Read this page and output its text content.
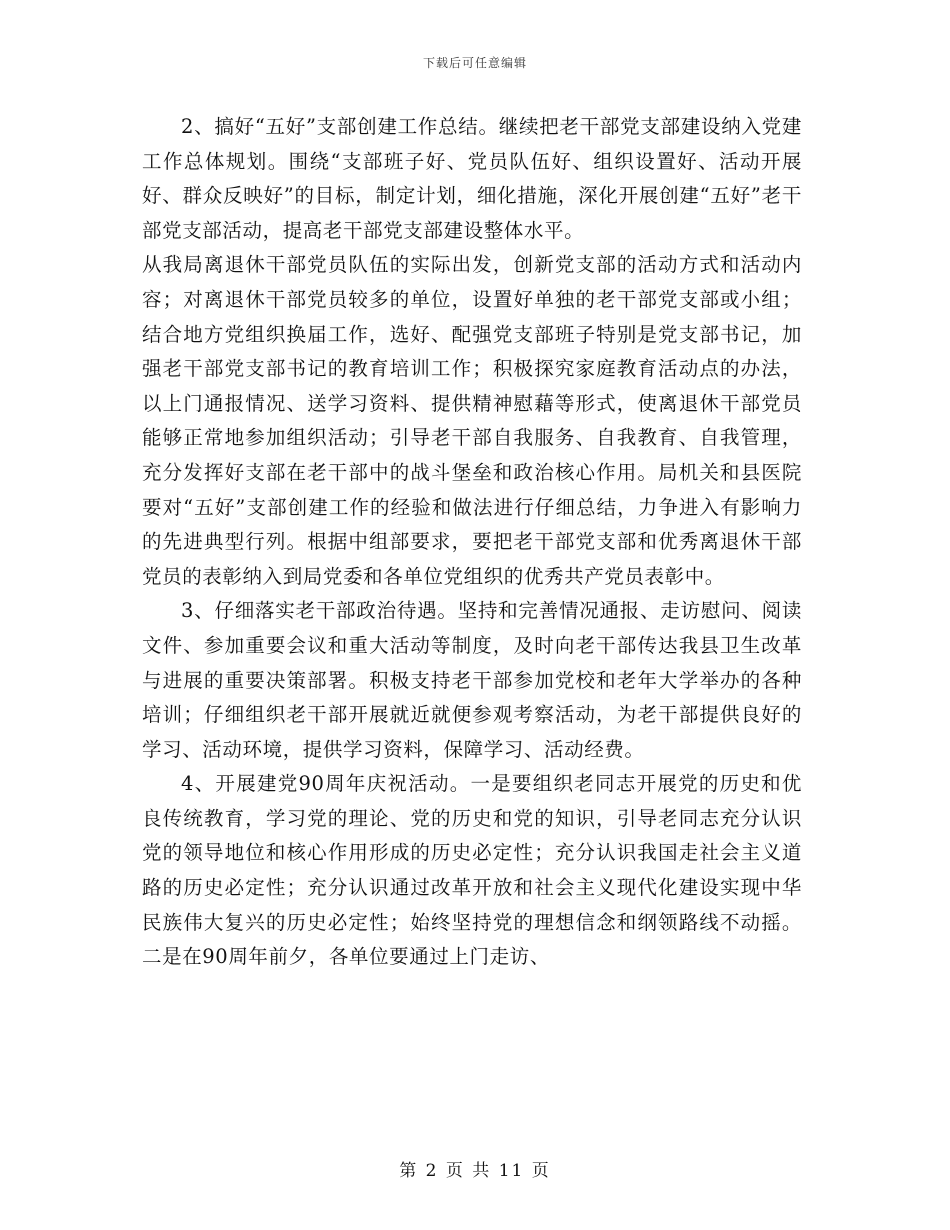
下载后可任意编辑

2、搞好“五好”支部创建工作总结。继续把老干部党支部建设纳入党建工作总体规划。围绕“支部班子好、党员队伍好、组织设置好、活动开展好、群众反映好”的目标，制定计划，细化措施，深化开展创建“五好”老干部党支部活动，提高老干部党支部建设整体水平。

从我局离退休干部党员队伍的实际出发，创新党支部的活动方式和活动内容；对离退休干部党员较多的单位，设置好单独的老干部党支部或小组；结合地方党组织换届工作，选好、配强党支部班子特别是党支部书记，加强老干部党支部书记的教育培训工作；积极探究家庭教育活动点的办法，以上门通报情况、送学习资料、提供精神慰藉等形式，使离退休干部党员能够正常地参加组织活动；引导老干部自我服务、自我教育、自我管理，充分发挥好支部在老干部中的战斗堡垒和政治核心作用。局机关和县医院要对“五好”支部创建工作的经验和做法进行仔细总结，力争进入有影响力的先进典型行列。根据中组部要求，要把老干部党支部和优秀离退休干部党员的表彰纳入到局党委和各单位党组织的优秀共产党员表彰中。

3、仔细落实老干部政治待遇。坚持和完善情况通报、走访慰问、阅读文件、参加重要会议和重大活动等制度，及时向老干部传达我县卫生改革与进展的重要决策部署。积极支持老干部参加党校和老年大学举办的各种培训；仔细组织老干部开展就近就便参观考察活动，为老干部提供良好的学习、活动环境，提供学习资料，保障学习、活动经费。

4、开展建党90周年庆祝活动。一是要组织老同志开展党的历史和优良传统教育，学习党的理论、党的历史和党的知识，引导老同志充分认识党的领导地位和核心作用形成的历史必定性；充分认识我国走社会主义道路的历史必定性；充分认识通过改革开放和社会主义现代化建设实现中华民族伟大复兴的历史必定性；始终坚持党的理想信念和纲领路线不动摇。二是在90周年前夕，各单位要通过上门走访、

第 2 页 共 11 页
